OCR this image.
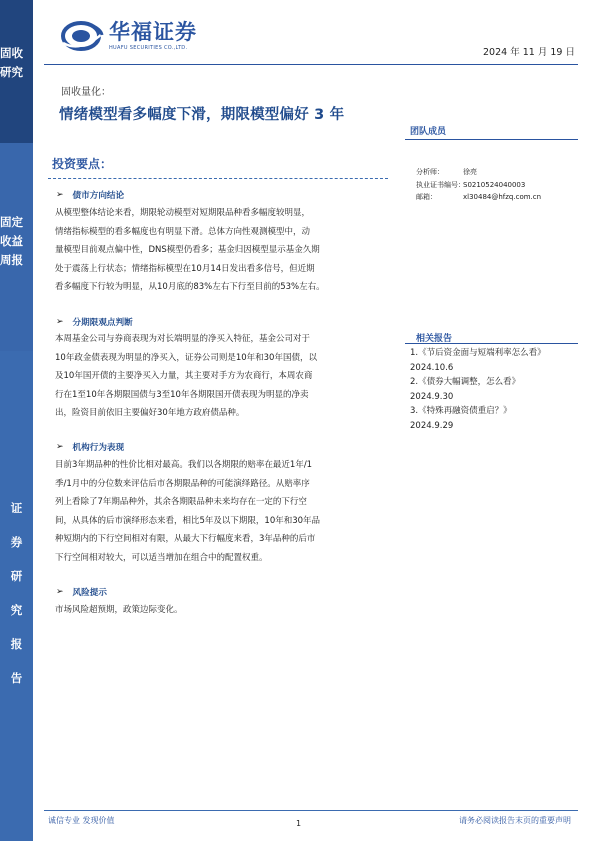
固收研究
固定收益周报
证
券
研
究
报
告
华福证券
HUAFU SECURITIES CO.,LTD.	2024 年 11 月 19 日
固收量化：
情绪模型看多幅度下滑，期限模型偏好 3 年
团队成员
分析师：	徐亮
执业证书编号：S0210524040003
邮箱：	xl30484@hfzq.com.cn
相关报告
1.《节后资金面与短端利率怎么看》
2024.10.6
2.《债券大幅调整，怎么看》
2024.9.30
3.《特殊再融资债重启？》
2024.9.29
投资要点：
➢ 债市方向结论
从模型整体结论来看，期限轮动模型对短期限品种看多幅度较明显，
情绪指标模型的看多幅度也有明显下滑。总体方向性观测模型中，动
量模型目前观点偏中性，DNS模型仍看多；基金归因模型显示基金久期
处于震荡上行状态；情绪指标模型在10月14日发出看多信号，但近期
看多幅度下行较为明显，从10月底的83%左右下行至目前的53%左右。
➢ 分期限观点判断
本周基金公司与券商表现为对长端明显的净买入特征，基金公司对于
10年政金债表现为明显的净买入，证券公司则是10年和30年国债，以
及10年国开债的主要净买入力量，其主要对手方为农商行，本周农商
行在1至10年各期限国债与3至10年各期限国开债表现为明显的净卖
出，险资目前依旧主要偏好30年地方政府债品种。
➢ 机构行为表现
目前3年期品种的性价比相对最高。我们以各期限的赔率在最近1年/1
季/1月中的分位数来评估后市各期限品种的可能演绎路径。从赔率序
列上看除了7年期品种外，其余各期限品种未来均存在一定的下行空
间，从具体的后市演绎形态来看，相比5年及以下期限，10年和30年品
种短期内的下行空间相对有限，从最大下行幅度来看，3年品种的后市
下行空间相对较大，可以适当增加在组合中的配置权重。
➢ 风险提示
市场风险超预期，政策边际变化。
诚信专业 发现价值	1	请务必阅读报告末页的重要声明
